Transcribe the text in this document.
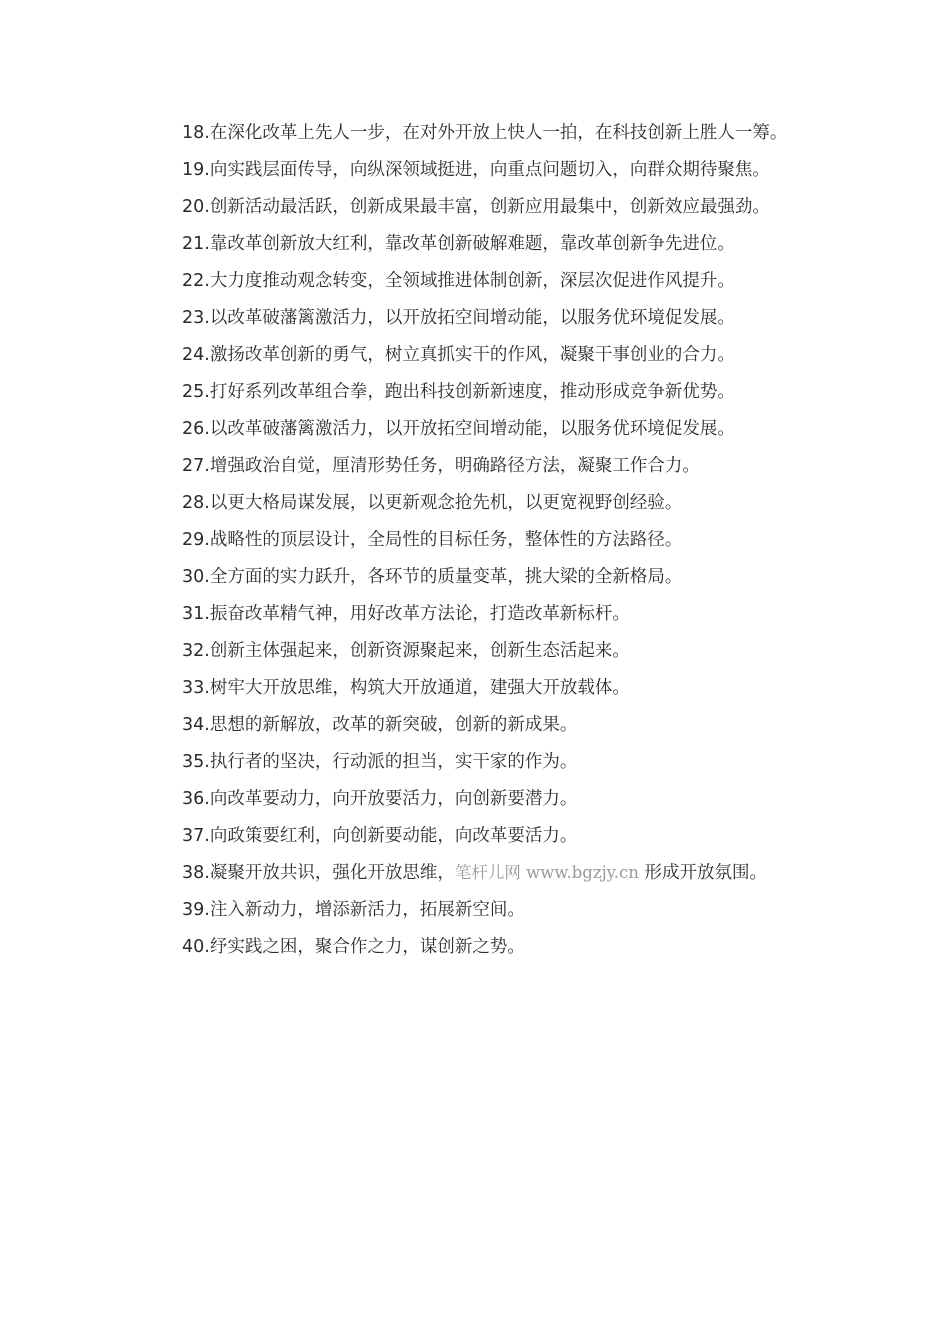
18.在深化改革上先人一步，在对外开放上快人一拍，在科技创新上胜人一筹。

19.向实践层面传导，向纵深领域挺进，向重点问题切入，向群众期待聚焦。

20.创新活动最活跃，创新成果最丰富，创新应用最集中，创新效应最强劲。

21.靠改革创新放大红利，靠改革创新破解难题，靠改革创新争先进位。

22.大力度推动观念转变，全领域推进体制创新，深层次促进作风提升。

23.以改革破藩篱激活力，以开放拓空间增动能，以服务优环境促发展。

24.激扬改革创新的勇气，树立真抓实干的作风，凝聚干事创业的合力。

25.打好系列改革组合拳，跑出科技创新新速度，推动形成竞争新优势。

26.以改革破藩篱激活力，以开放拓空间增动能，以服务优环境促发展。

27.增强政治自觉，厘清形势任务，明确路径方法，凝聚工作合力。

28.以更大格局谋发展，以更新观念抢先机，以更宽视野创经验。

29.战略性的顶层设计，全局性的目标任务，整体性的方法路径。

30.全方面的实力跃升，各环节的质量变革，挑大梁的全新格局。

31.振奋改革精气神，用好改革方法论，打造改革新标杆。

32.创新主体强起来，创新资源聚起来，创新生态活起来。

33.树牢大开放思维，构筑大开放通道，建强大开放载体。

34.思想的新解放，改革的新突破，创新的新成果。

35.执行者的坚决，行动派的担当，实干家的作为。

36.向改革要动力，向开放要活力，向创新要潜力。

37.向政策要红利，向创新要动能，向改革要活力。

38.凝聚开放共识，强化开放思维，笔杆儿网 www.bgzjy.cn 形成开放氛围。

39.注入新动力，增添新活力，拓展新空间。

40.纾实践之困，聚合作之力，谋创新之势。
